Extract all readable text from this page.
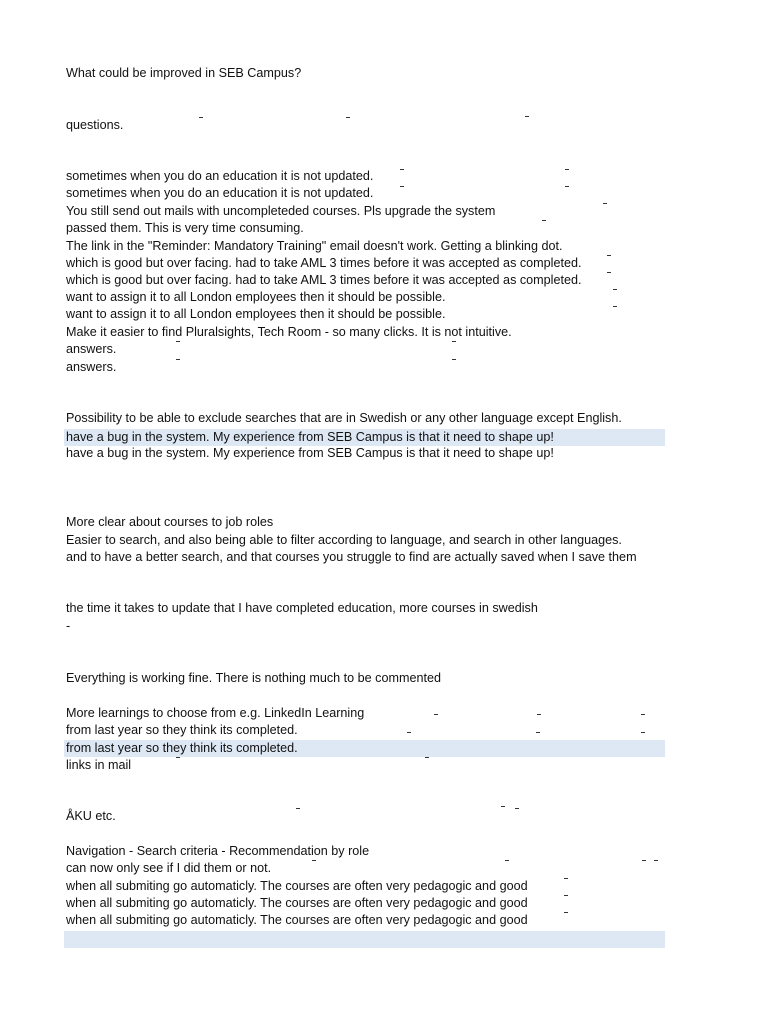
What could be improved in SEB Campus?
questions.
sometimes when you do an education it is not updated.
sometimes when you do an education it is not updated.
You still send out mails with uncompleteded courses. Pls upgrade the system
passed them. This is very time consuming.
The link in the "Reminder: Mandatory Training" email doesn't work. Getting a blinking dot.
which is good but over facing. had to take AML 3 times before it was accepted as completed.
which is good but over facing. had to take AML 3 times before it was accepted as completed.
want to assign it to all London employees then it should be possible.
want to assign it to all London employees then it should be possible.
Make it easier to find Pluralsights, Tech Room - so many clicks. It is not intuitive.
answers.
answers.
Possibility to be able to exclude searches that are in Swedish or any other language except English.
have a bug in the system. My experience from SEB Campus is that it need to shape up!
have a bug in the system. My experience from SEB Campus is that it need to shape up!
More clear about courses to job roles
Easier to search, and also being able to filter according to language, and search in other languages.
and to have a better search, and that courses you struggle to find are actually saved when I save them
the time it takes to update that I have completed education, more courses in swedish
-
Everything is working fine. There is nothing much to be commented
More learnings to choose from e.g. LinkedIn Learning
from last year so they think its completed.
from last year so they think its completed.
links in mail
ÅKU etc.
Navigation - Search criteria - Recommendation by role
can now only see if I did them or not.
when all submiting go automaticly. The courses are often very pedagogic and good
when all submiting go automaticly. The courses are often very pedagogic and good
when all submiting go automaticly. The courses are often very pedagogic and good
